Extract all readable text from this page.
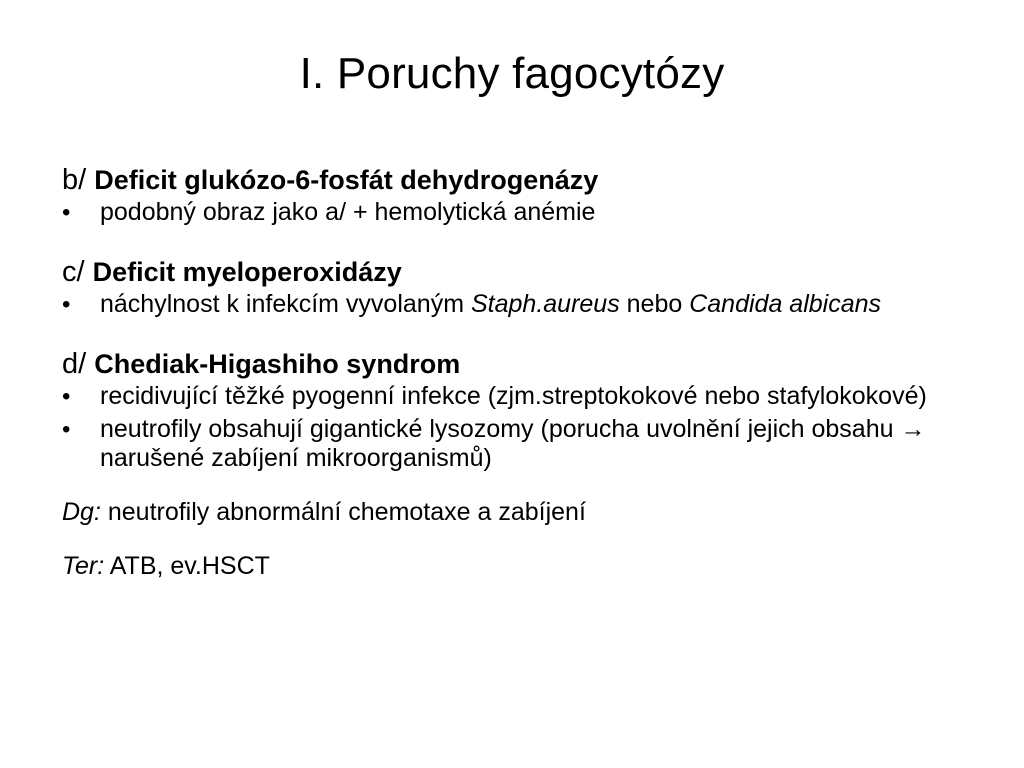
I. Poruchy fagocytózy
b/ Deficit glukózo-6-fosfát dehydrogenázy
• podobný obraz jako a/ + hemolytická anémie
c/ Deficit myeloperoxidázy
• náchylnost k infekcím vyvolaným Staph.aureus nebo Candida albicans
d/ Chediak-Higashiho syndrom
• recidivující těžké pyogenní infekce (zjm.streptokokové nebo stafylokokové)
• neutrofily obsahují gigantické lysozomy (porucha uvolnění jejich obsahu → narušené zabíjení mikroorganismů)
Dg: neutrofily abnormální chemotaxe a zabíjení
Ter: ATB, ev.HSCT
